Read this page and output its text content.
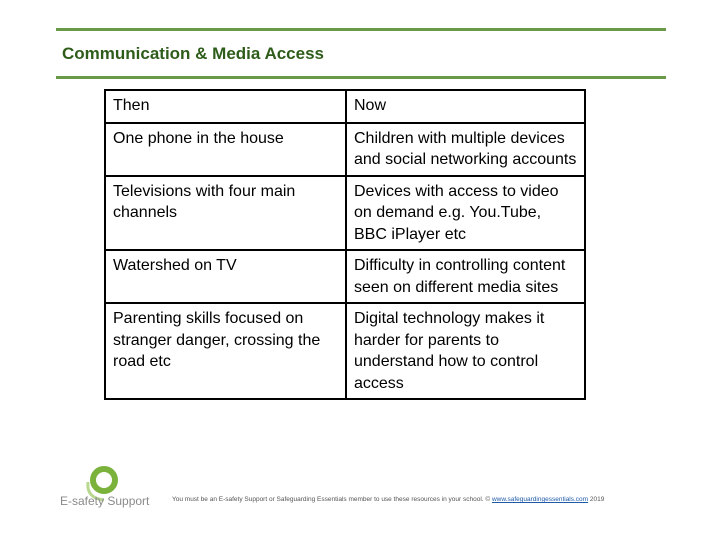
Communication & Media Access
Then	Now
One phone in the house	Children with multiple devices and social networking accounts
Televisions with four main channels	Devices with access to video on demand e.g. You.Tube, BBC iPlayer etc
Watershed on TV	Difficulty in controlling content seen on different media sites
Parenting skills focused on stranger danger, crossing the road etc	Digital technology makes it harder for parents to understand how to control access
E-safety Support	You must be an E-safety Support or Safeguarding Essentials member to use these resources in your school. © www.safeguardingessentials.com 2019
